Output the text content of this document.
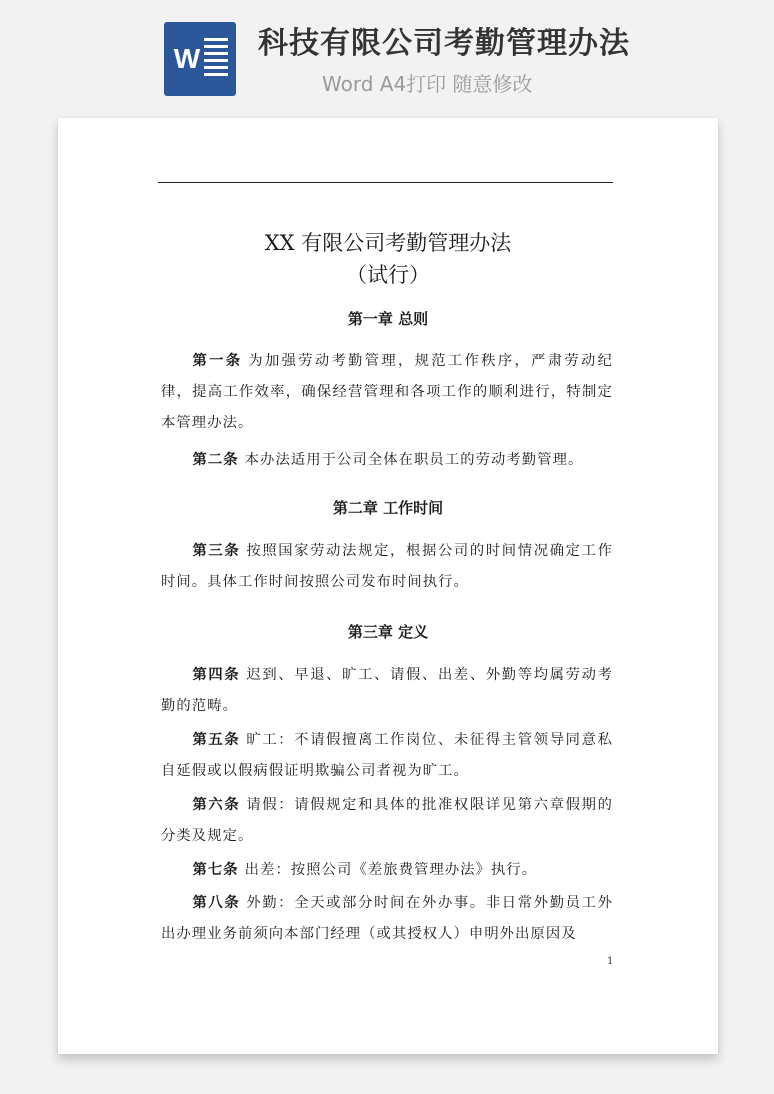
W 科技有限公司考勤管理办法
Word A4打印 随意修改
XX 有限公司考勤管理办法
（试行）
第一章 总则
第一条 为加强劳动考勤管理，规范工作秩序，严肃劳动纪律，提高工作效率，确保经营管理和各项工作的顺利进行，特制定本管理办法。
第二条 本办法适用于公司全体在职员工的劳动考勤管理。
第二章 工作时间
第三条 按照国家劳动法规定，根据公司的时间情况确定工作时间。具体工作时间按照公司发布时间执行。
第三章 定义
第四条 迟到、早退、旷工、请假、出差、外勤等均属劳动考勤的范畴。
第五条 旷工：不请假擅离工作岗位、未征得主管领导同意私自延假或以假病假证明欺骗公司者视为旷工。
第六条 请假：请假规定和具体的批准权限详见第六章假期的分类及规定。
第七条 出差：按照公司《差旅费管理办法》执行。
第八条 外勤：全天或部分时间在外办事。非日常外勤员工外出办理业务前须向本部门经理（或其授权人）申明外出原因及
1
